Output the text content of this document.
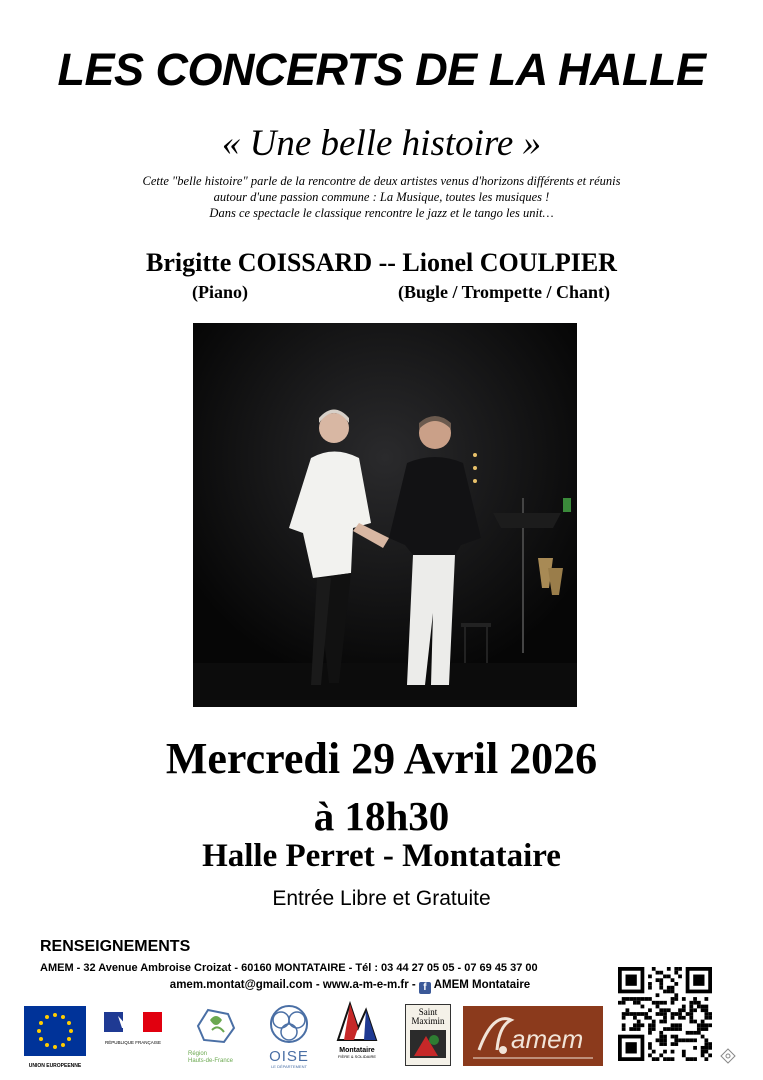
LES CONCERTS DE LA HALLE
« Une belle histoire »
Cette "belle histoire" parle de la rencontre de deux artistes venus d'horizons différents et réunis
autour d'une passion commune : La Musique, toutes les musiques !
Dans ce spectacle le classique rencontre le jazz et le tango les unit…
Brigitte COISSARD -- Lionel COULPIER
(Piano)	(Bugle / Trompette / Chant)
Mercredi 29 Avril 2026
à 18h30
Halle Perret - Montataire
Entrée Libre et Gratuite
RENSEIGNEMENTS
AMEM - 32 Avenue Ambroise Croizat - 60160 MONTATAIRE - Tél : 03 44 27 05 05 - 07 69 45 37 00
amem.montat@gmail.com - www.a-m-e-m.fr - f AMEM Montataire
UNION EUROPEENNE
RÉPUBLIQUE FRANÇAISE
Région
Hauts-de-France	OISE
LE DÉPARTEMENT
Montataire
FIÈRE & SOLIDAIRE
Saint
Maximin
amem
